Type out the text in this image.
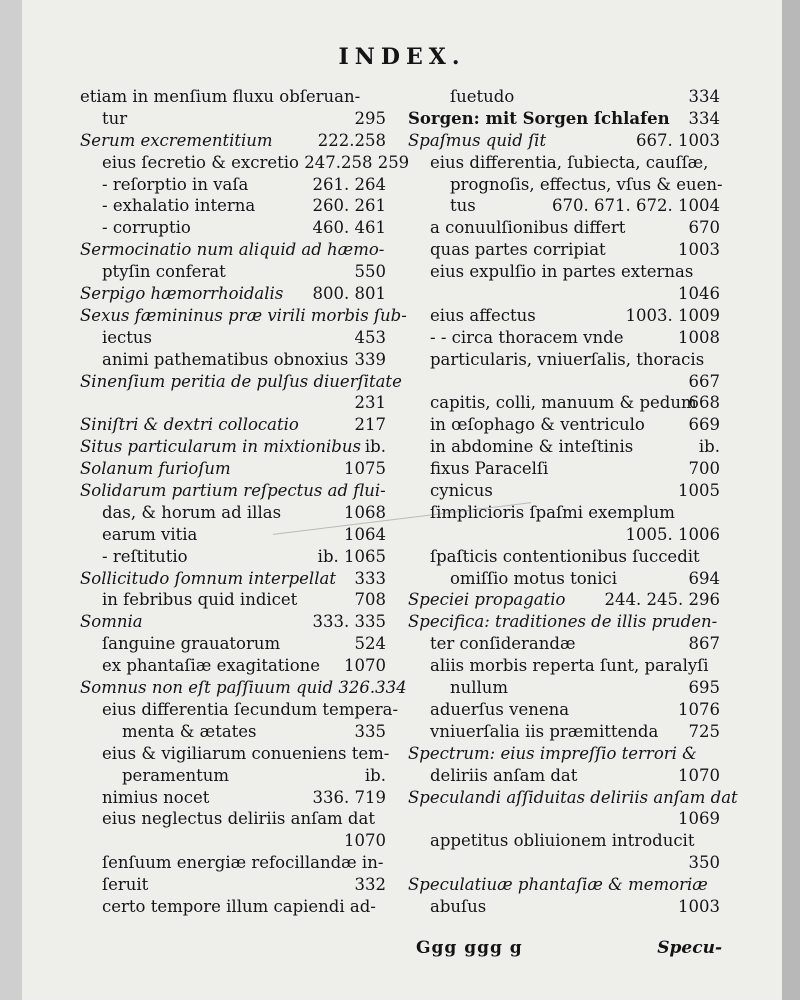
INDEX.
etiam in menſium fluxu obſeruan-
tur	295
Serum excrementitium	222.258
eius ſecretio & excretio 247.258 259
- reſorptio in vaſa	261. 264
- exhalatio interna	260. 261
- corruptio	460. 461
Sermocinatio num aliquid ad hæmo-
ptyſin conferat	550
Serpigo hæmorrhoidalis 800. 801
Sexus fæmininus præ virili morbis ſub-
iectus	453
animi pathematibus obnoxius 339
Sinenſium peritia de pulſus diuerſitate
231
Siniſtri & dextri collocatio	217
Situs particularum in mixtionibus ib.
Solanum furioſum	1075
Solidarum partium reſpectus ad flui-
das, & horum ad illas	1068
earum vitia	1064
- reſtitutio	ib. 1065
Sollicitudo ſomnum interpellat 333
in febribus quid indicet	708
Somnia	333. 335
ſanguine grauatorum	524
ex phantaſiæ exagitatione 1070
Somnus non eſt paſſiuum quid 326.334
eius differentia ſecundum tempera-
menta & ætates	335
eius & vigiliarum conueniens tem-
peramentum	ib.
nimius nocet	336. 719
eius neglectus deliriis anſam dat
1070
ſenſuum energiæ refocillandæ in-
ſeruit	332
certo tempore illum capiendi ad-
ſuetudo	334
Sorgen: mit Sorgen ſchlafen 334
Spaſmus quid ſit	667. 1003
eius differentia, ſubiecta, cauſſæ,
prognoſis, effectus, vſus & euen-
tus	670. 671. 672. 1004
a conuulſionibus differt	670
quas partes corripiat	1003
eius expulſio in partes externas
1046
eius affectus	1003. 1009
- - circa thoracem vnde	1008
particularis, vniuerſalis, thoracis
667
capitis, colli, manuum & pedum
668
in œſophago & ventriculo	669
in abdomine & inteſtinis	ib.
fixus Paracelſi	700
cynicus	1005
ſimplicioris ſpaſmi exemplum
1005. 1006
ſpaſticis contentionibus ſuccedit
omiſſio motus tonici	694
Speciei propagatio 244. 245. 296
Specifica: traditiones de illis pruden-
ter conſiderandæ	867
aliis morbis reperta ſunt, paralyſi
nullum	695
aduerſus venena	1076
vniuerſalia iis præmittenda 725
Spectrum: eius impreſſio terrori &
deliriis anſam dat	1070
Speculandi aſſiduitas deliriis anſam dat
1069
appetitus obliuionem introducit
350
Speculatiuæ phantaſiæ & memoriæ
abuſus	1003
Ggg ggg g	Specu-
